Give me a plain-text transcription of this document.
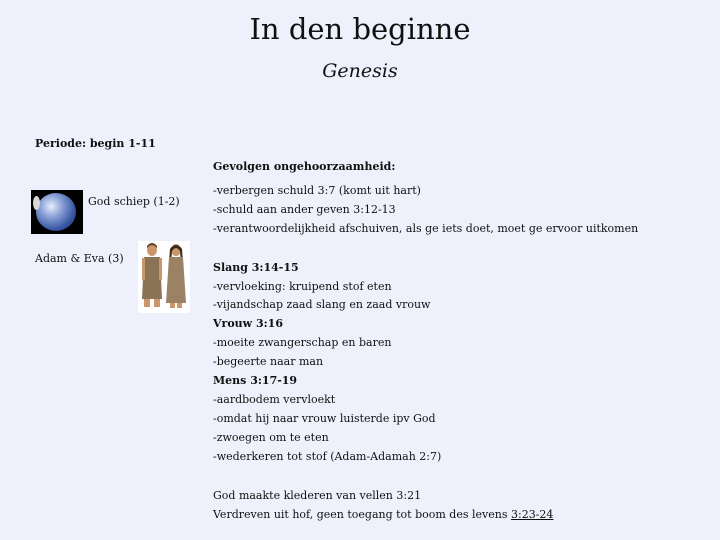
In den beginne
Genesis
Periode: begin 1-11
God schiep (1-2)
Adam & Eva (3)
Gevolgen ongehoorzaamheid:
-verbergen schuld 3:7 (komt uit hart)
-schuld aan ander geven 3:12-13
-verantwoordelijkheid afschuiven, als ge iets doet, moet ge ervoor uitkomen
Slang 3:14-15
-vervloeking: kruipend stof eten
-vijandschap zaad slang en zaad vrouw
Vrouw 3:16
-moeite zwangerschap en baren
-begeerte naar man
Mens 3:17-19
-aardbodem vervloekt
-omdat hij naar vrouw luisterde ipv God
-zwoegen om te eten
-wederkeren tot stof (Adam-Adamah 2:7)
God maakte klederen van vellen 3:21
Verdreven uit hof, geen toegang tot boom des levens 3:23-24
